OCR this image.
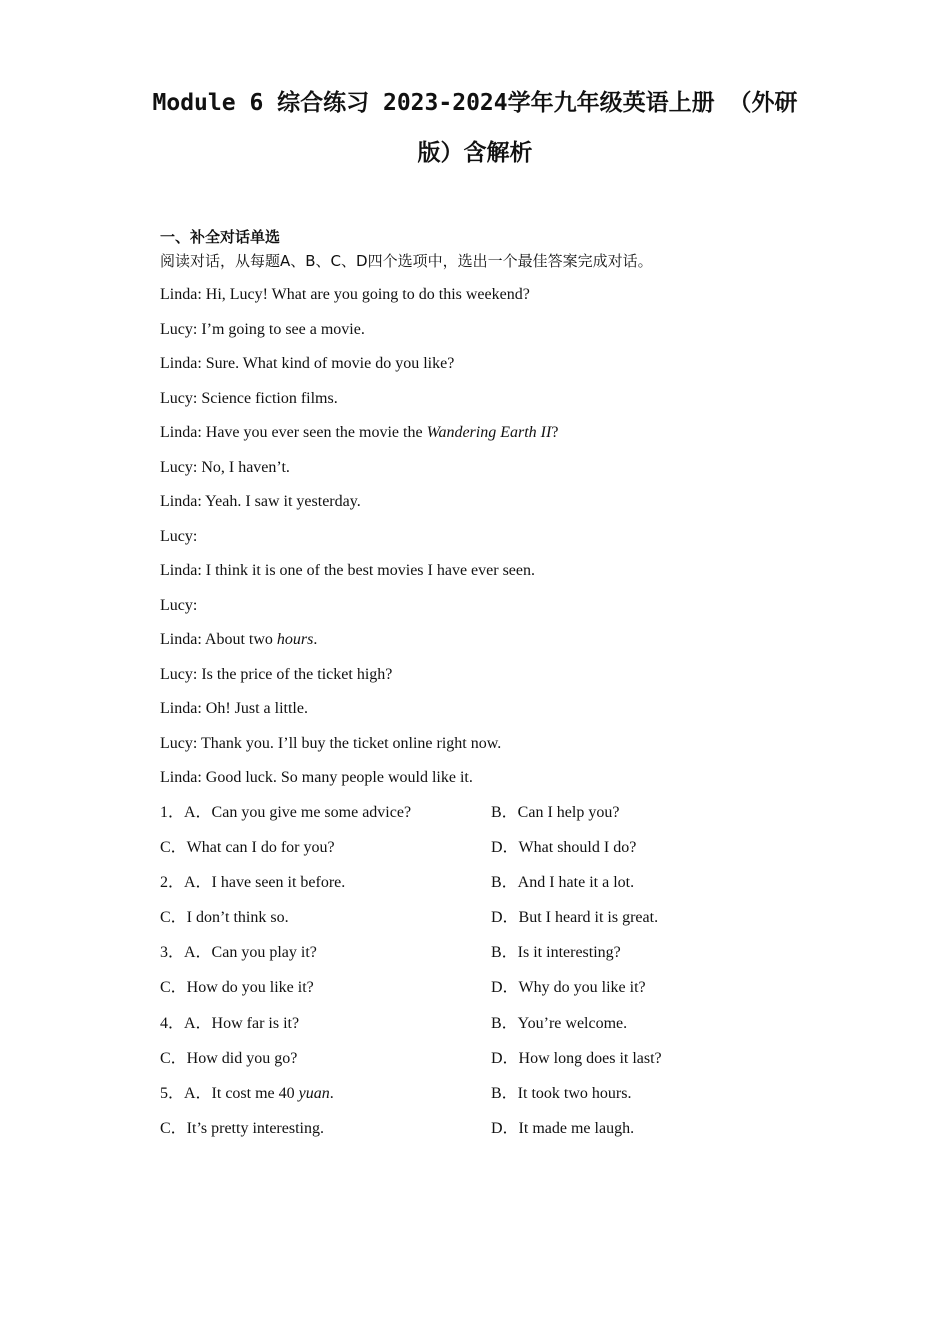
Module 6 综合练习 2023-2024学年九年级英语上册 （外研
版）含解析
一、补全对话单选
阅读对话，从每题A、B、C、D四个选项中，选出一个最佳答案完成对话。
Linda: Hi, Lucy! What are you going to do this weekend?
Lucy: I’m going to see a movie.
Linda: Sure. What kind of movie do you like?
Lucy: Science fiction films.
Linda: Have you ever seen the movie the Wandering Earth II?
Lucy: No, I haven’t.
Linda: Yeah. I saw it yesterday.
Lucy:
Linda: I think it is one of the best movies I have ever seen.
Lucy:
Linda: About two hours.
Lucy: Is the price of the ticket high?
Linda: Oh! Just a little.
Lucy: Thank you. I’ll buy the ticket online right now.
Linda: Good luck. So many people would like it.
1．A．Can you give me some advice?	B．Can I help you?
C．What can I do for you?	D．What should I do?
2．A．I have seen it before.	B．And I hate it a lot.
C．I don’t think so.	D．But I heard it is great.
3．A．Can you play it?	B．Is it interesting?
C．How do you like it?	D．Why do you like it?
4．A．How far is it?	B．You’re welcome.
C．How did you go?	D．How long does it last?
5．A．It cost me 40 yuan.	B．It took two hours.
C．It’s pretty interesting.	D．It made me laugh.
